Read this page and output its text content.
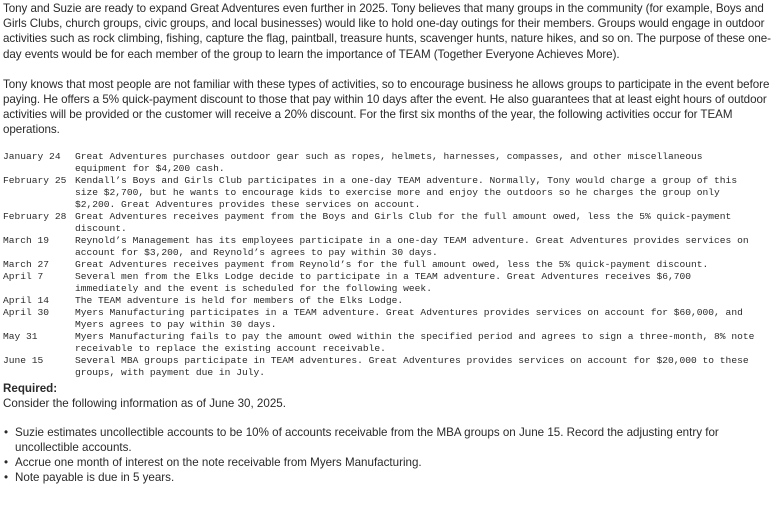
Tony and Suzie are ready to expand Great Adventures even further in 2025. Tony believes that many groups in the community (for example, Boys and Girls Clubs, church groups, civic groups, and local businesses) would like to hold one-day outings for their members. Groups would engage in outdoor activities such as rock climbing, fishing, capture the flag, paintball, treasure hunts, scavenger hunts, nature hikes, and so on. The purpose of these one-day events would be for each member of the group to learn the importance of TEAM (Together Everyone Achieves More).

Tony knows that most people are not familiar with these types of activities, so to encourage business he allows groups to participate in the event before paying. He offers a 5% quick-payment discount to those that pay within 10 days after the event. He also guarantees that at least eight hours of outdoor activities will be provided or the customer will receive a 20% discount. For the first six months of the year, the following activities occur for TEAM operations.

January 24	Great Adventures purchases outdoor gear such as ropes, helmets, harnesses, compasses, and other miscellaneous equipment for $4,200 cash.
February 25	Kendall’s Boys and Girls Club participates in a one-day TEAM adventure. Normally, Tony would charge a group of this size $2,700, but he wants to encourage kids to exercise more and enjoy the outdoors so he charges the group only $2,200. Great Adventures provides these services on account.
February 28	Great Adventures receives payment from the Boys and Girls Club for the full amount owed, less the 5% quick-payment discount.
March 19	Reynold’s Management has its employees participate in a one-day TEAM adventure. Great Adventures provides services on account for $3,200, and Reynold’s agrees to pay within 30 days.
March 27	Great Adventures receives payment from Reynold’s for the full amount owed, less the 5% quick-payment discount.
April 7	Several men from the Elks Lodge decide to participate in a TEAM adventure. Great Adventures receives $6,700 immediately and the event is scheduled for the following week.
April 14	The TEAM adventure is held for members of the Elks Lodge.
April 30	Myers Manufacturing participates in a TEAM adventure. Great Adventures provides services on account for $60,000, and Myers agrees to pay within 30 days.
May 31	Myers Manufacturing fails to pay the amount owed within the specified period and agrees to sign a three-month, 8% note receivable to replace the existing account receivable.
June 15	Several MBA groups participate in TEAM adventures. Great Adventures provides services on account for $20,000 to these groups, with payment due in July.

Required:

Consider the following information as of June 30, 2025.

• Suzie estimates uncollectible accounts to be 10% of accounts receivable from the MBA groups on June 15. Record the adjusting entry for uncollectible accounts.
• Accrue one month of interest on the note receivable from Myers Manufacturing.
• Note payable is due in 5 years.
